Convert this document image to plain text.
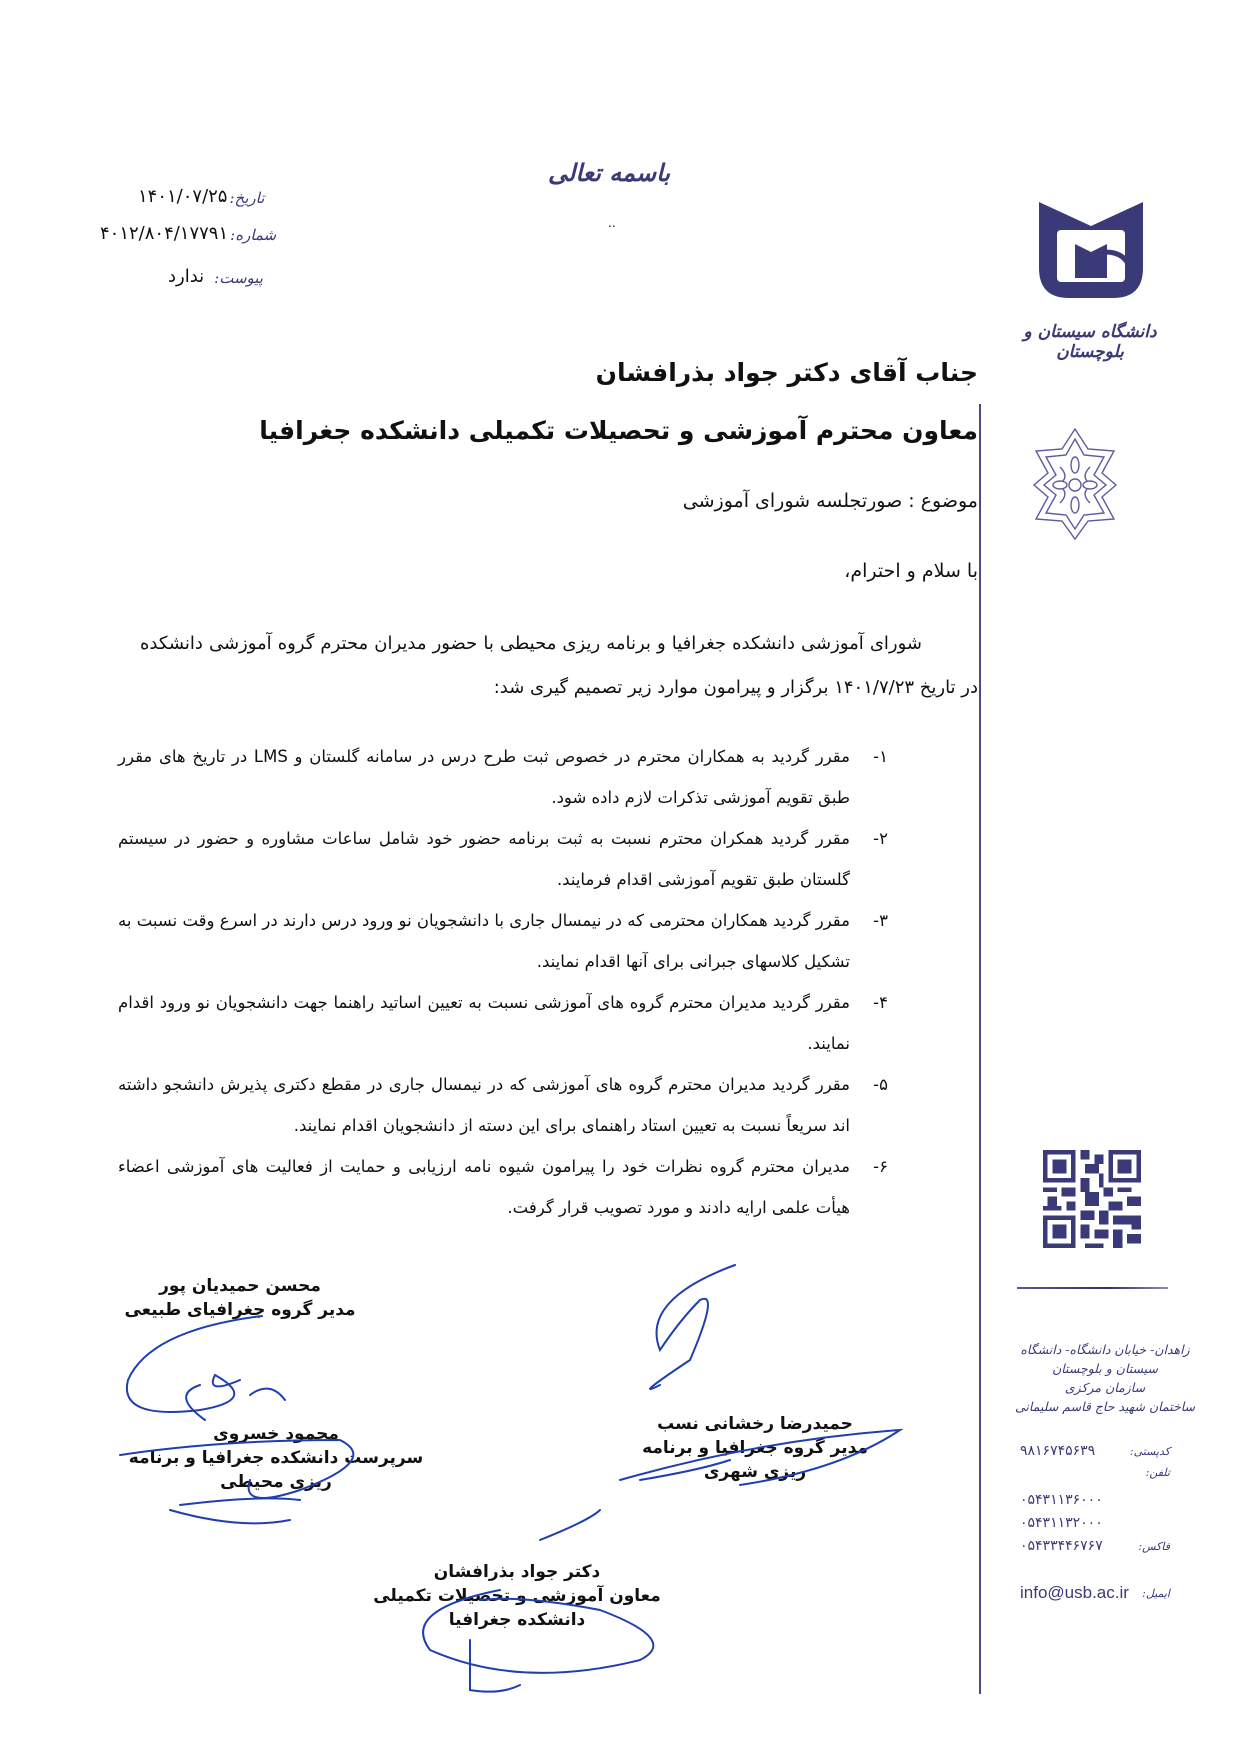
تاریخ:
۱۴۰۱/۰۷/۲۵
شماره:
۴۰۱۲/۸۰۴/۱۷۷۹۱
پیوست:
ندارد
باسمه تعالی
..
دانشگاه سیستان و بلوچستان
جناب آقای دکتر جواد بذرافشان
معاون محترم آموزشی و تحصیلات تکمیلی دانشکده جغرافیا
موضوع : صورتجلسه شورای آموزشی
با سلام و احترام،
شورای آموزشی دانشکده جغرافیا و برنامه ریزی محیطی با حضور مدیران محترم گروه آموزشی دانشکده در تاریخ ۱۴۰۱/۷/۲۳ برگزار و پیرامون موارد زیر تصمیم گیری شد:
۱-
مقرر گردید به همکاران محترم در خصوص ثبت طرح درس در سامانه گلستان و LMS در تاریخ های مقرر طبق تقویم آموزشی تذکرات لازم داده شود.
۲-
مقرر گردید همکران محترم نسبت به ثبت برنامه حضور خود شامل ساعات مشاوره و حضور در سیستم گلستان طبق تقویم آموزشی اقدام فرمایند.
۳-
مقرر گردید همکاران محترمی که در نیمسال جاری با دانشجویان نو ورود درس دارند در اسرع وقت نسبت به تشکیل کلاسهای جبرانی برای آنها اقدام نمایند.
۴-
مقرر گردید مدیران محترم گروه های آموزشی نسبت به تعیین اساتید راهنما جهت دانشجویان نو ورود اقدام نمایند.
۵-
مقرر گردید مدیران محترم گروه های آموزشی که در نیمسال جاری در مقطع دکتری پذیرش دانشجو داشته اند سریعاً نسبت به تعیین استاد راهنمای برای این دسته از دانشجویان اقدام نمایند.
۶-
مدیران محترم گروه نظرات خود را پیرامون شیوه نامه ارزیابی و حمایت از فعالیت های آموزشی اعضاء هیأت علمی ارایه دادند و مورد تصویب قرار گرفت.
محسن حمیدیان پور
مدیر گروه جغرافیای طبیعی
محمود خسروی
سرپرست دانشکده جغرافیا و برنامه ریزی محیطی
حمیدرضا رخشانی نسب
مدیر گروه جغرافیا و برنامه ریزی شهری
دکتر جواد بذرافشان
معاون آموزشی و تحصیلات تکمیلی دانشکده جغرافیا
زاهدان- خیابان دانشگاه- دانشگاه سیستان و بلوچستان
سازمان مرکزی
ساختمان شهید حاج قاسم سلیمانی
کدپستی:
۹۸۱۶۷۴۵۶۳۹
تلفن:
۰۵۴۳۱۱۳۶۰۰۰
۰۵۴۳۱۱۳۲۰۰۰
فاکس:
۰۵۴۳۳۴۴۶۷۶۷
ایمیل:
info@usb.ac.ir
